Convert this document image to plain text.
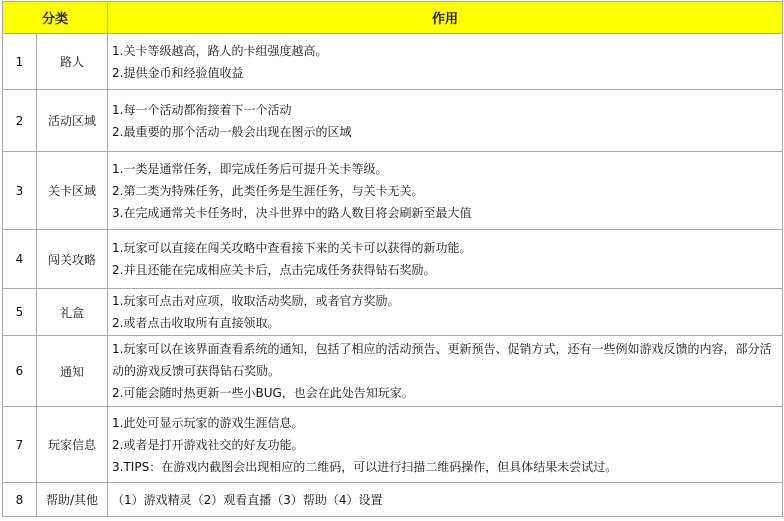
分类		作用
1	路人	1.关卡等级越高，路人的卡组强度越高。
2.提供金币和经验值收益

2	活动区域	1.每一个活动都衔接着下一个活动
2.最重要的那个活动一般会出现在图示的区域

3	关卡区域	1.一类是通常任务，即完成任务后可提升关卡等级。
2.第二类为特殊任务，此类任务是生涯任务，与关卡无关。
3.在完成通常关卡任务时，决斗世界中的路人数目将会刷新至最大值

4	闯关攻略	1.玩家可以直接在闯关攻略中查看接下来的关卡可以获得的新功能。
2.并且还能在完成相应关卡后，点击完成任务获得钻石奖励。

5	礼盒	1.玩家可点击对应项，收取活动奖励，或者官方奖励。
2.或者点击收取所有直接领取。

6	通知	1.玩家可以在该界面查看系统的通知，包括了相应的活动预告、更新预告、促销方式，还有一些例如游戏反馈的内容，部分活动的游戏反馈可获得钻石奖励。
2.可能会随时热更新一些小BUG，也会在此处告知玩家。

7	玩家信息	1.此处可显示玩家的游戏生涯信息。
2.或者是打开游戏社交的好友功能。
3.TIPS：在游戏内截图会出现相应的二维码，可以进行扫描二维码操作，但具体结果未尝试过。

8	帮助/其他	（1）游戏精灵（2）观看直播（3）帮助（4）设置
